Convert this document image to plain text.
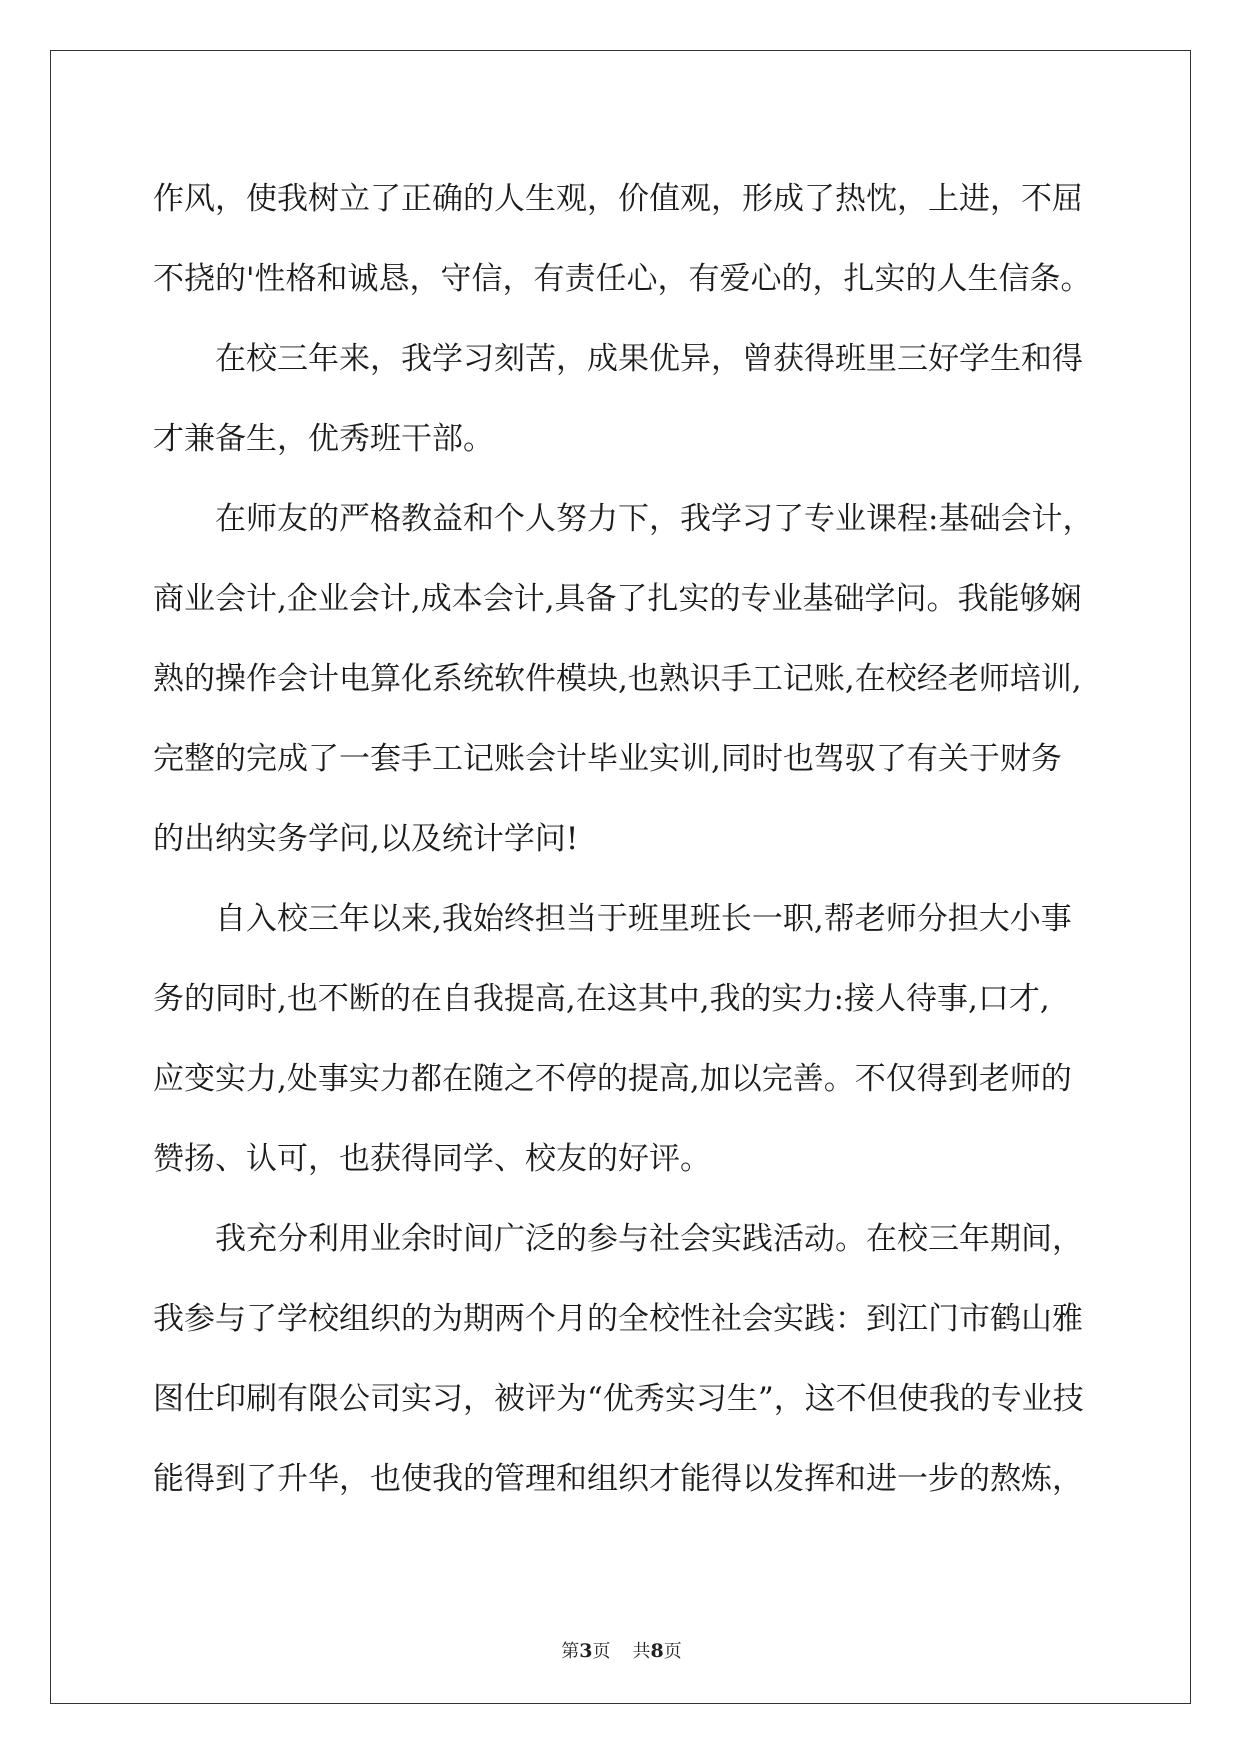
作风，使我树立了正确的人生观，价值观，形成了热忱，上进，不屈
不挠的'性格和诚恳，守信，有责任心，有爱心的，扎实的人生信条。
在校三年来，我学习刻苦，成果优异，曾获得班里三好学生和得
才兼备生，优秀班干部。
在师友的严格教益和个人努力下，我学习了专业课程:基础会计，
商业会计,企业会计,成本会计,具备了扎实的专业基础学问。我能够娴
熟的操作会计电算化系统软件模块,也熟识手工记账,在校经老师培训,
完整的完成了一套手工记账会计毕业实训,同时也驾驭了有关于财务
的出纳实务学问,以及统计学问!
自入校三年以来,我始终担当于班里班长一职,帮老师分担大小事
务的同时,也不断的在自我提高,在这其中,我的实力:接人待事,口才,
应变实力,处事实力都在随之不停的提高,加以完善。不仅得到老师的
赞扬、认可，也获得同学、校友的好评。
我充分利用业余时间广泛的参与社会实践活动。在校三年期间，
我参与了学校组织的为期两个月的全校性社会实践：到江门市鹤山雅
图仕印刷有限公司实习，被评为“优秀实习生”，这不但使我的专业技
能得到了升华，也使我的管理和组织才能得以发挥和进一步的熬炼，
第3页 共8页
